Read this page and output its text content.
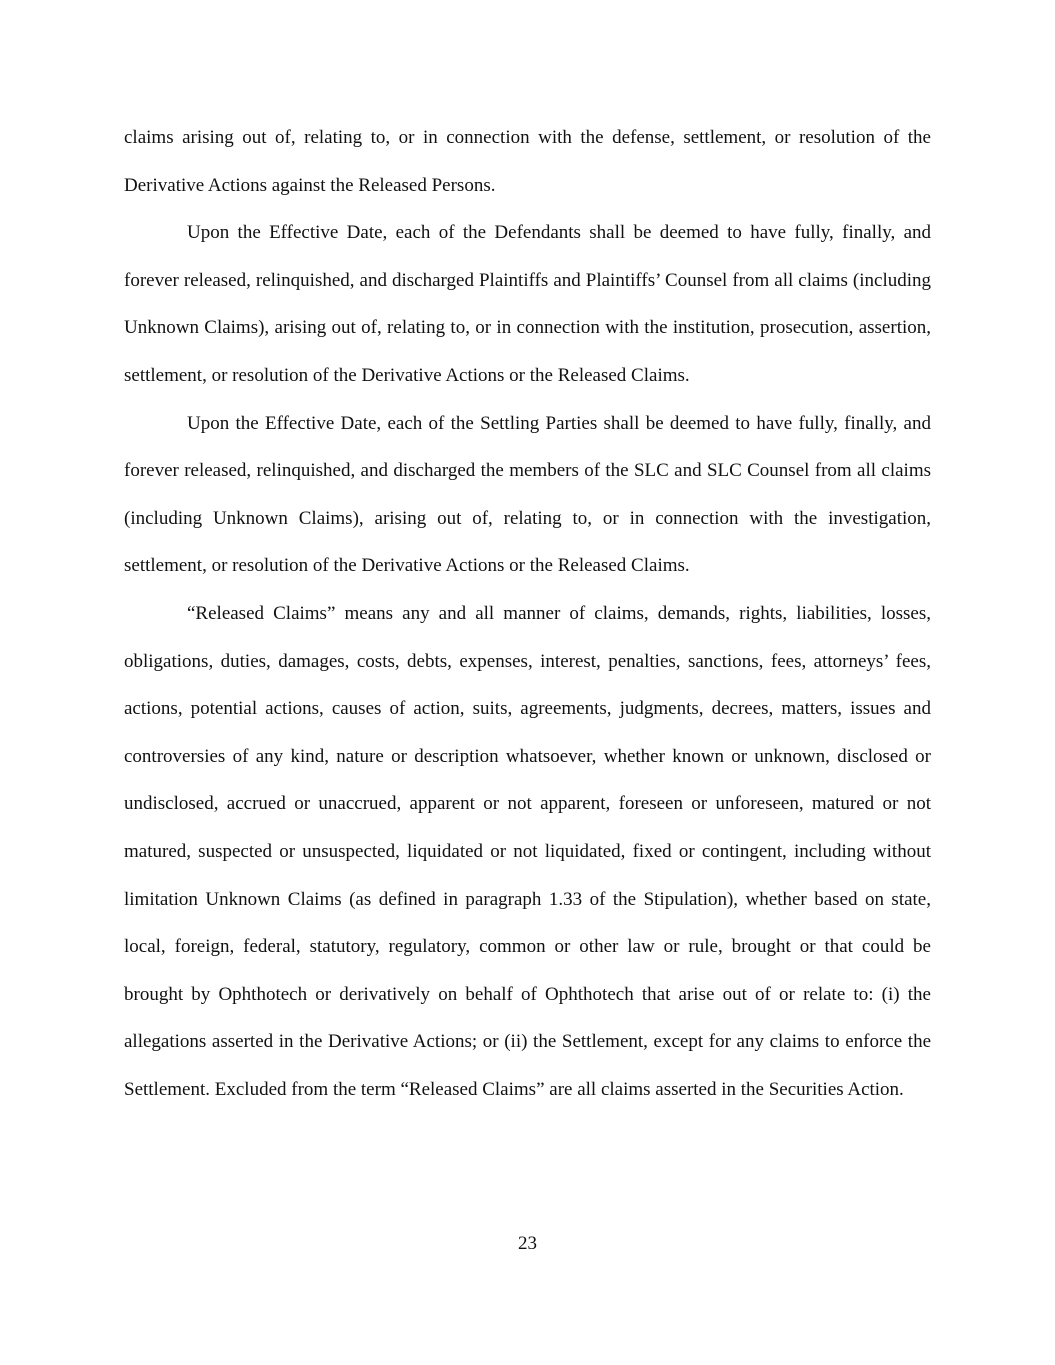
claims arising out of, relating to, or in connection with the defense, settlement, or resolution of the Derivative Actions against the Released Persons.

Upon the Effective Date, each of the Defendants shall be deemed to have fully, finally, and forever released, relinquished, and discharged Plaintiffs and Plaintiffs’ Counsel from all claims (including Unknown Claims), arising out of, relating to, or in connection with the institution, prosecution, assertion, settlement, or resolution of the Derivative Actions or the Released Claims.

Upon the Effective Date, each of the Settling Parties shall be deemed to have fully, finally, and forever released, relinquished, and discharged the members of the SLC and SLC Counsel from all claims (including Unknown Claims), arising out of, relating to, or in connection with the investigation, settlement, or resolution of the Derivative Actions or the Released Claims.

“Released Claims” means any and all manner of claims, demands, rights, liabilities, losses, obligations, duties, damages, costs, debts, expenses, interest, penalties, sanctions, fees, attorneys’ fees, actions, potential actions, causes of action, suits, agreements, judgments, decrees, matters, issues and controversies of any kind, nature or description whatsoever, whether known or unknown, disclosed or undisclosed, accrued or unaccrued, apparent or not apparent, foreseen or unforeseen, matured or not matured, suspected or unsuspected, liquidated or not liquidated, fixed or contingent, including without limitation Unknown Claims (as defined in paragraph 1.33 of the Stipulation), whether based on state, local, foreign, federal, statutory, regulatory, common or other law or rule, brought or that could be brought by Ophthotech or derivatively on behalf of Ophthotech that arise out of or relate to: (i) the allegations asserted in the Derivative Actions; or (ii) the Settlement, except for any claims to enforce the Settlement. Excluded from the term “Released Claims” are all claims asserted in the Securities Action.

23
